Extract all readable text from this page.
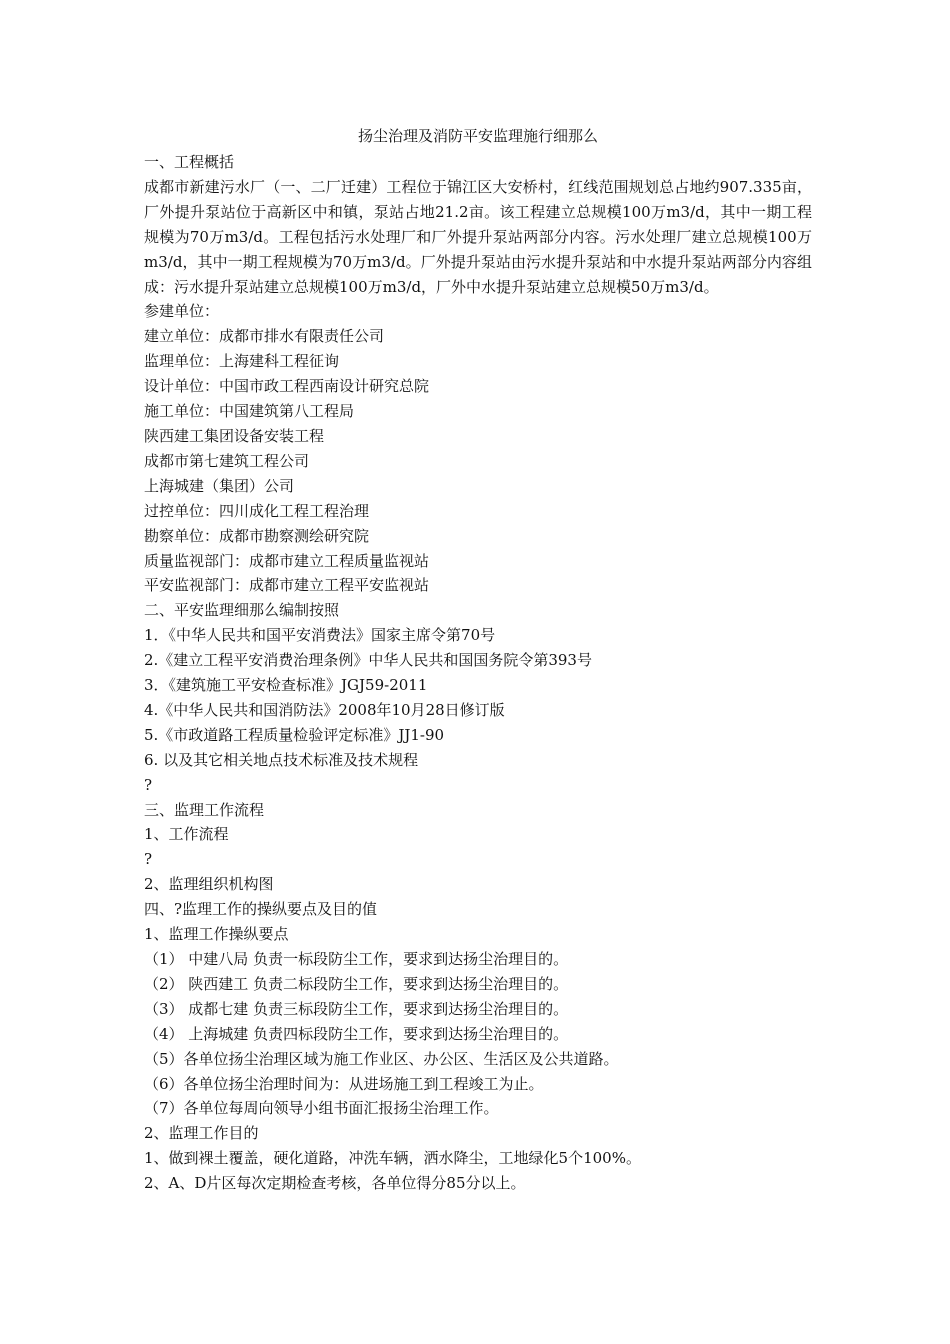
扬尘治理及消防平安监理施行细那么

一、工程概括

成都市新建污水厂（一、二厂迁建）工程位于锦江区大安桥村，红线范围规划总占地约907.335亩，厂外提升泵站位于高新区中和镇，泵站占地21.2亩。该工程建立总规模100万m3/d，其中一期工程规模为70万m3/d。工程包括污水处理厂和厂外提升泵站两部分内容。污水处理厂建立总规模100万m3/d，其中一期工程规模为70万m3/d。厂外提升泵站由污水提升泵站和中水提升泵站两部分内容组成：污水提升泵站建立总规模100万m3/d，厂外中水提升泵站建立总规模50万m3/d。

参建单位：

建立单位：成都市排水有限责任公司

监理单位：上海建科工程征询

设计单位：中国市政工程西南设计研究总院

施工单位：中国建筑第八工程局

陕西建工集团设备安装工程

成都市第七建筑工程公司

上海城建（集团）公司

过控单位：四川成化工程工程治理

勘察单位：成都市勘察测绘研究院

质量监视部门：成都市建立工程质量监视站

平安监视部门：成都市建立工程平安监视站

二、平安监理细那么编制按照

1．《中华人民共和国平安消费法》国家主席令第70号

2.《建立工程平安消费治理条例》中华人民共和国国务院令第393号

3．《建筑施工平安检查标准》JGJ59-2011

4.《中华人民共和国消防法》2008年10月28日修订版

5.《市政道路工程质量检验评定标准》JJ1-90

6. 以及其它相关地点技术标准及技术规程

?

三、监理工作流程

1、工作流程

?

2、监理组织机构图

四、?监理工作的操纵要点及目的值

1、监理工作操纵要点

（1） 中建八局 负责一标段防尘工作，要求到达扬尘治理目的。

（2） 陕西建工 负责二标段防尘工作，要求到达扬尘治理目的。

（3） 成都七建 负责三标段防尘工作，要求到达扬尘治理目的。

（4） 上海城建 负责四标段防尘工作，要求到达扬尘治理目的。

（5）各单位扬尘治理区域为施工作业区、办公区、生活区及公共道路。

（6）各单位扬尘治理时间为：从进场施工到工程竣工为止。

（7）各单位每周向领导小组书面汇报扬尘治理工作。

2、监理工作目的

1、做到裸土覆盖，硬化道路，冲洗车辆，洒水降尘，工地绿化5个100%。

2、A、D片区每次定期检查考核，各单位得分85分以上。
